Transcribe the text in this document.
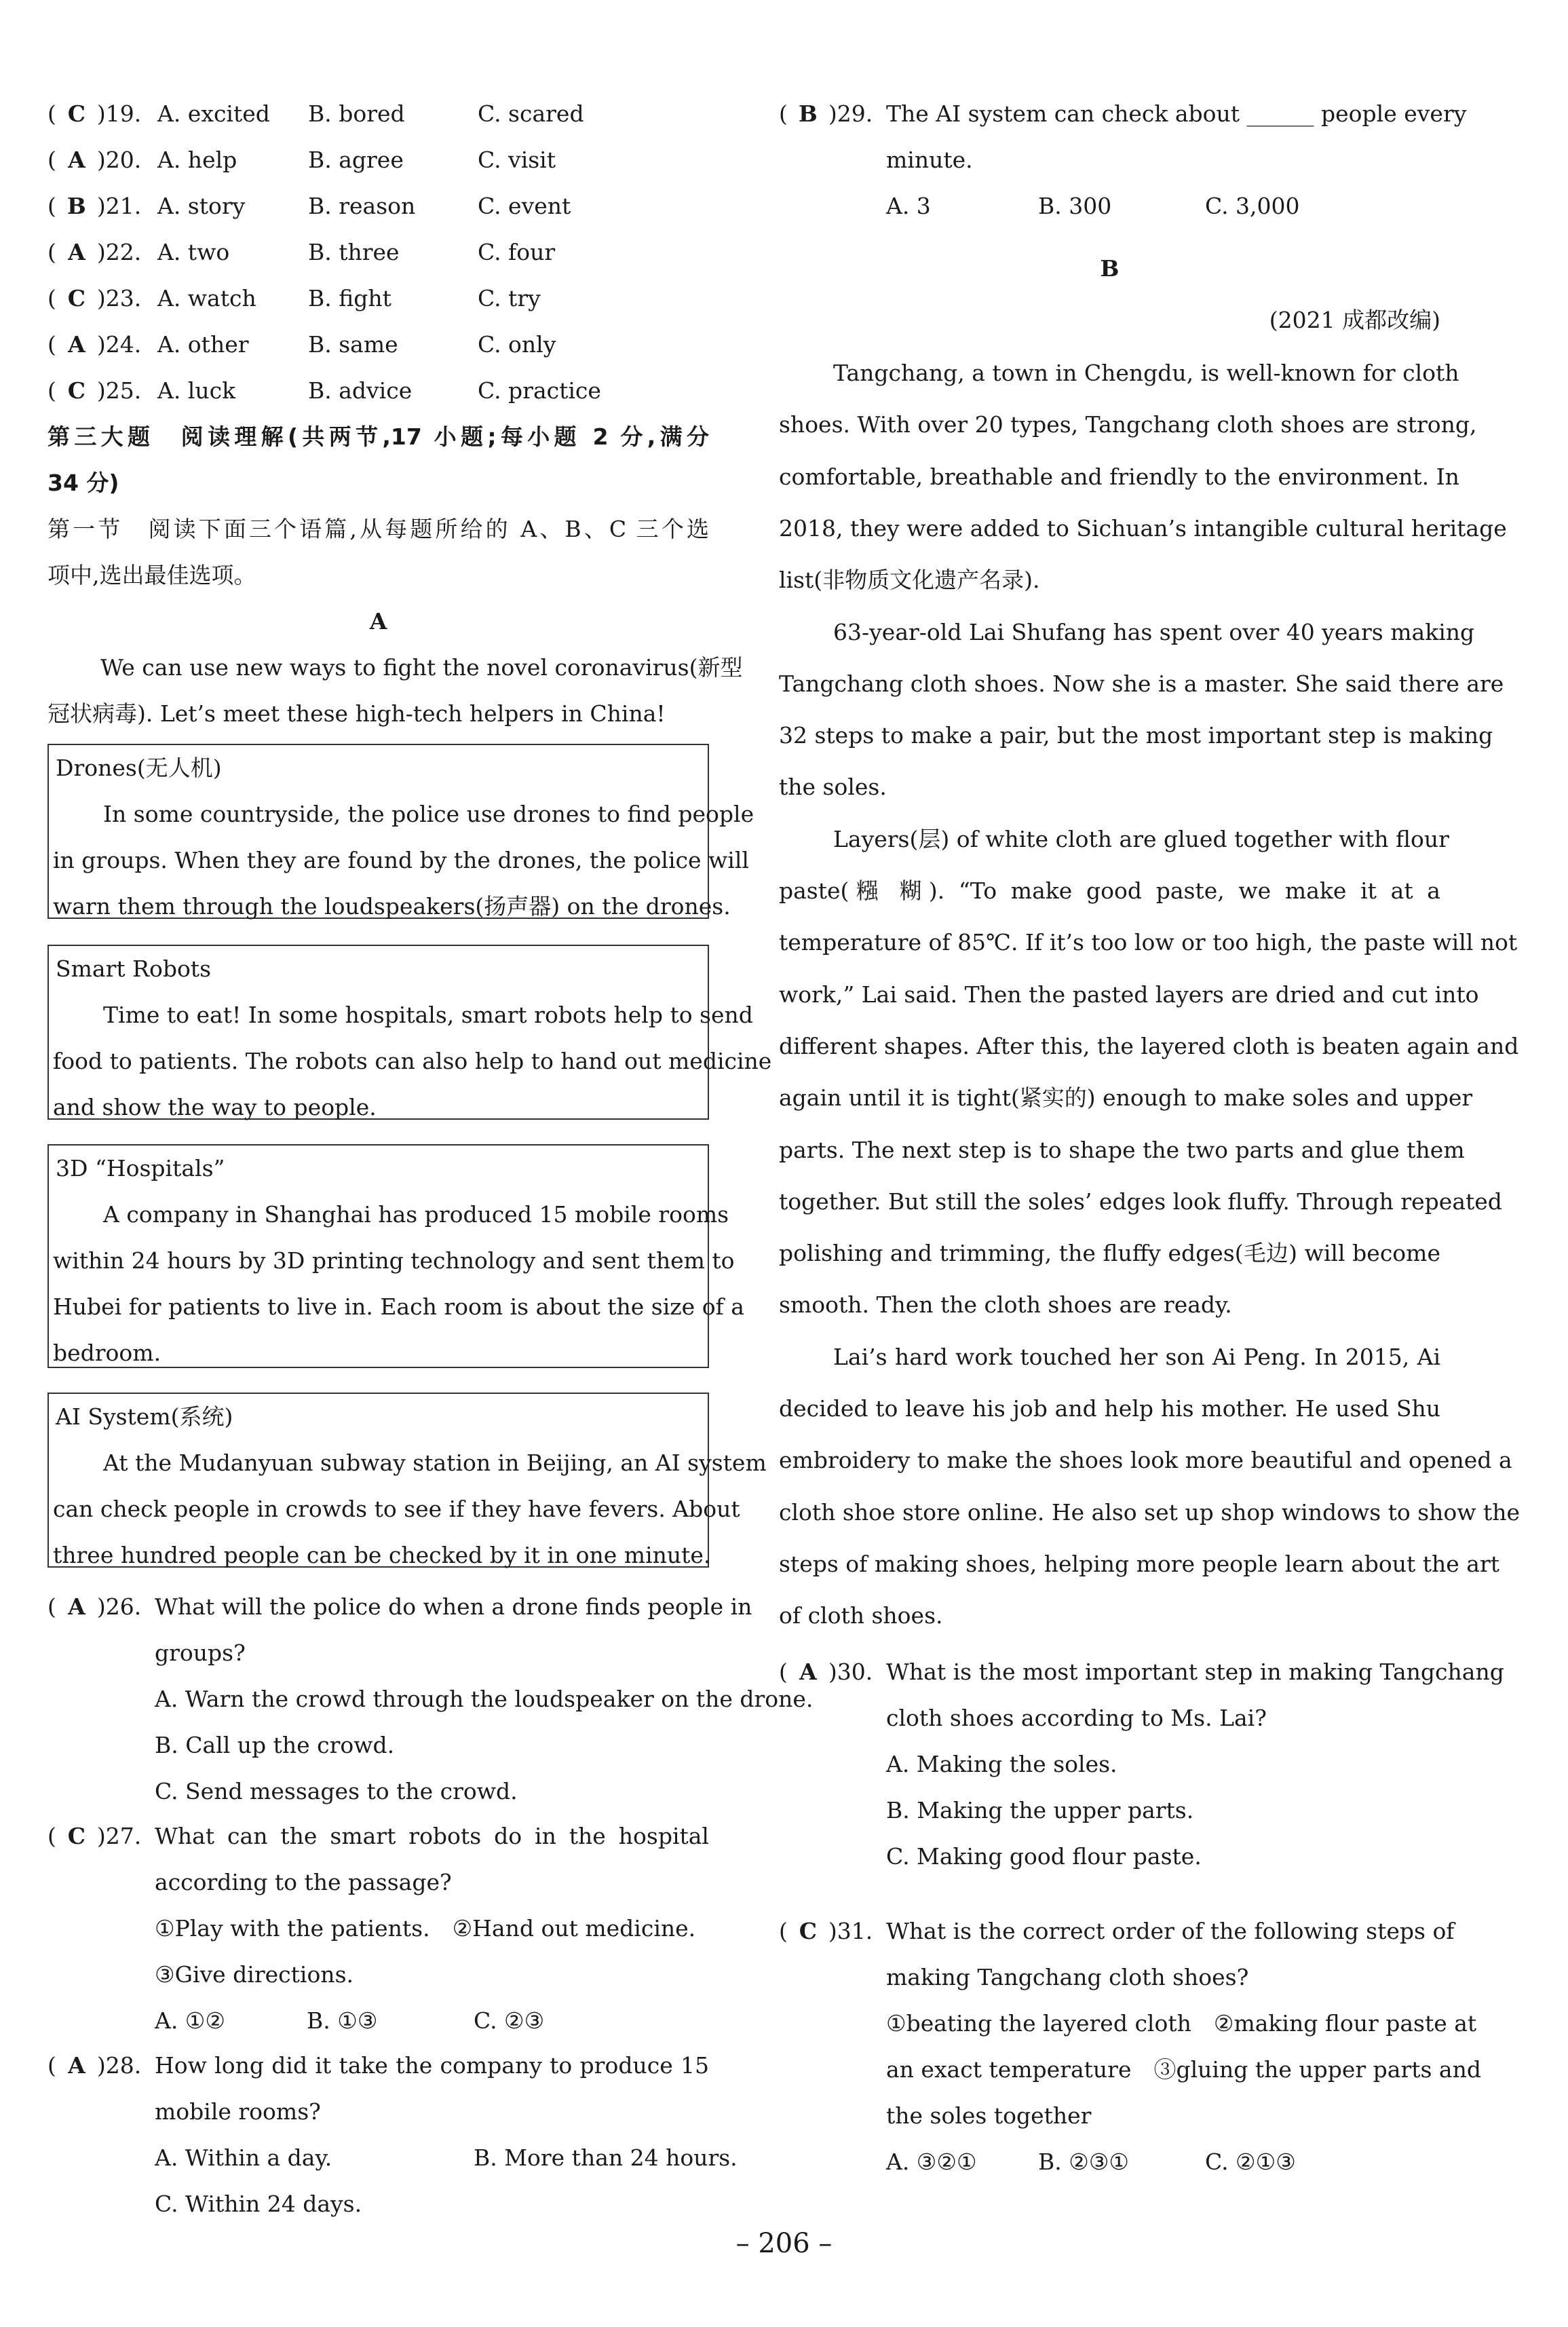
( C )19. A. excited B. bored	C. scared
( A )20. A. help	B. agree	C. visit
( B )21. A. story	B. reason	C. event
( A )22. A. two	B. three	C. four
( C )23. A. watch B. fight	C. try
( A )24. A. other	B. same	C. only
( C )25. A. luck	B. advice	C. practice
第三大题　阅读理解(共两节,17 小题;每小题 2 分,满分
34 分)
第一节　阅读下面三个语篇,从每题所给的 A、B、C 三个选
项中,选出最佳选项。
A
We can use new ways to fight the novel coronavirus(新型
冠状病毒). Let’s meet these high-tech helpers in China!
Drones(无人机)
In some countryside, the police use drones to find people
in groups. When they are found by the drones, the police will
warn them through the loudspeakers(扬声器) on the drones.
Smart Robots
Time to eat! In some hospitals, smart robots help to send
food to patients. The robots can also help to hand out medicine
and show the way to people.
3D “Hospitals”
A company in Shanghai has produced 15 mobile rooms
within 24 hours by 3D printing technology and sent them to
Hubei for patients to live in. Each room is about the size of a
bedroom.
AI System(系统)
At the Mudanyuan subway station in Beijing, an AI system
can check people in crowds to see if they have fevers. About
three hundred people can be checked by it in one minute.
( A )26. What will the police do when a drone finds people in
groups?
A. Warn the crowd through the loudspeaker on the drone.
B. Call up the crowd.
C. Send messages to the crowd.
( C )27. What can the smart robots do in the hospital
according to the passage?
①Play with the patients.　②Hand out medicine.
③Give directions.
A. ①②	B. ①③	C. ②③
( A )28. How long did it take the company to produce 15
mobile rooms?
A. Within a day.	B. More than 24 hours.
C. Within 24 days.
( B )29. The AI system can check about ______ people every
minute.
A. 3	B. 300	C. 3,000
B
(2021 成都改编)
Tangchang, a town in Chengdu, is well-known for cloth
shoes. With over 20 types, Tangchang cloth shoes are strong,
comfortable, breathable and friendly to the environment. In
2018, they were added to Sichuan’s intangible cultural heritage
list(非物质文化遗产名录).
63-year-old Lai Shufang has spent over 40 years making
Tangchang cloth shoes. Now she is a master. She said there are
32 steps to make a pair, but the most important step is making
the soles.
Layers(层) of white cloth are glued together with flour
paste(糨 糊). “To make good paste, we make it at a
temperature of 85℃. If it’s too low or too high, the paste will not
work,” Lai said. Then the pasted layers are dried and cut into
different shapes. After this, the layered cloth is beaten again and
again until it is tight(紧实的) enough to make soles and upper
parts. The next step is to shape the two parts and glue them
together. But still the soles’ edges look fluffy. Through repeated
polishing and trimming, the fluffy edges(毛边) will become
smooth. Then the cloth shoes are ready.
Lai’s hard work touched her son Ai Peng. In 2015, Ai
decided to leave his job and help his mother. He used Shu
embroidery to make the shoes look more beautiful and opened a
cloth shoe store online. He also set up shop windows to show the
steps of making shoes, helping more people learn about the art
of cloth shoes.
( A )30. What is the most important step in making Tangchang
cloth shoes according to Ms. Lai?
A. Making the soles.
B. Making the upper parts.
C. Making good flour paste.
( C )31. What is the correct order of the following steps of
making Tangchang cloth shoes?
①beating the layered cloth　②making flour paste at
an exact temperature　③gluing the upper parts and
the soles together
A. ③②①	B. ②③①	C. ②①③
– 206 –
